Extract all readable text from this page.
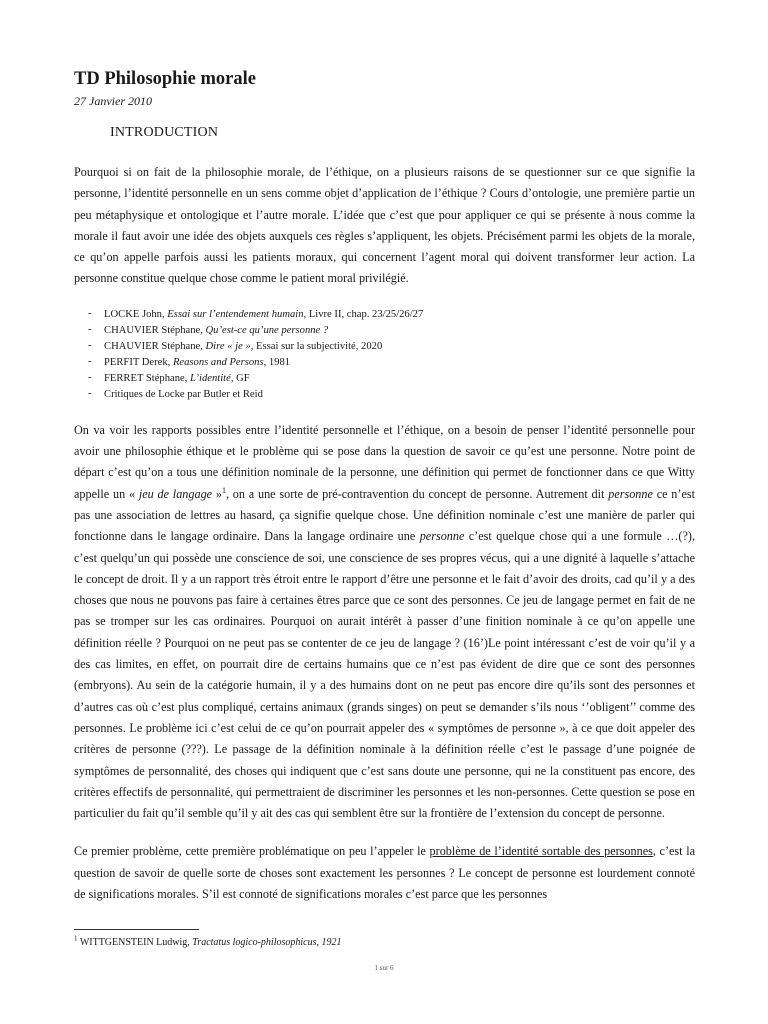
TD Philosophie morale
27 Janvier 2010
INTRODUCTION

Pourquoi si on fait de la philosophie morale, de l’éthique, on a plusieurs raisons de se questionner sur ce que signifie la personne, l’identité personnelle en un sens comme objet d’application de l’éthique ? Cours d’ontologie, une première partie un peu métaphysique et ontologique et l’autre morale. L’idée que c’est que pour appliquer ce qui se présente à nous comme la morale il faut avoir une idée des objets auxquels ces règles s’appliquent, les objets. Précisément parmi les objets de la morale, ce qu’on appelle parfois aussi les patients moraux, qui concernent l’agent moral qui doivent transformer leur action. La personne constitue quelque chose comme le patient moral privilégié.

- LOCKE John, Essai sur l’entendement humain, Livre II, chap. 23/25/26/27
- CHAUVIER Stéphane, Qu’est-ce qu’une personne ?
- CHAUVIER Stéphane, Dire « je », Essai sur la subjectivité, 2020
- PERFIT Derek, Reasons and Persons, 1981
- FERRET Stéphane, L’identité, GF
- Critiques de Locke par Butler et Reid

On va voir les rapports possibles entre l’identité personnelle et l’éthique, on a besoin de penser l’identité personnelle pour avoir une philosophie éthique et le problème qui se pose dans la question de savoir ce qu’est une personne. Notre point de départ c’est qu’on a tous une définition nominale de la personne, une définition qui permet de fonctionner dans ce que Witty appelle un « jeu de langage »$^1$, on a une sorte de pré-contravention du concept de personne. Autrement dit personne ce n’est pas une association de lettres au hasard, ça signifie quelque chose. Une définition nominale c’est une manière de parler qui fonctionne dans le langage ordinaire. Dans la langage ordinaire une personne c’est quelque chose qui a une formule …(?), c’est quelqu’un qui possède une conscience de soi, une conscience de ses propres vécus, qui a une dignité à laquelle s’attache le concept de droit. Il y a un rapport très étroit entre le rapport d’être une personne et le fait d’avoir des droits, cad qu’il y a des choses que nous ne pouvons pas faire à certaines êtres parce que ce sont des personnes. Ce jeu de langage permet en fait de ne pas se tromper sur les cas ordinaires. Pourquoi on aurait intérêt à passer d’une finition nominale à ce qu’on appelle une définition réelle ? Pourquoi on ne peut pas se contenter de ce jeu de langage ? (16’)Le point intéressant c’est de voir qu’il y a des cas limites, en effet, on pourrait dire de certains humains que ce n’est pas évident de dire que ce sont des personnes (embryons). Au sein de la catégorie humain, il y a des humains dont on ne peut pas encore dire qu’ils sont des personnes et d’autres cas où c’est plus compliqué, certains animaux (grands singes) on peut se demander s’ils nous ‘’obligent’’ comme des personnes. Le problème ici c’est celui de ce qu’on pourrait appeler des « symptômes de personne », à ce que doit appeler des critères de personne (???). Le passage de la définition nominale à la définition réelle c’est le passage d’une poignée de symptômes de personnalité, des choses qui indiquent que c’est sans doute une personne, qui ne la constituent pas encore, des critères effectifs de personnalité, qui permettraient de discriminer les personnes et les non-personnes. Cette question se pose en particulier du fait qu’il semble qu’il y ait des cas qui semblent être sur la frontière de l’extension du concept de personne.

Ce premier problème, cette première problématique on peu l’appeler le problème de l’identité sortable des personnes, c’est la question de savoir de quelle sorte de choses sont exactement les personnes ? Le concept de personne est lourdement connoté de significations morales. S’il est connoté de significations morales c’est parce que les personnes

$^1$ WITTGENSTEIN Ludwig, Tractatus logico-philosophicus, 1921
1 sur 6
